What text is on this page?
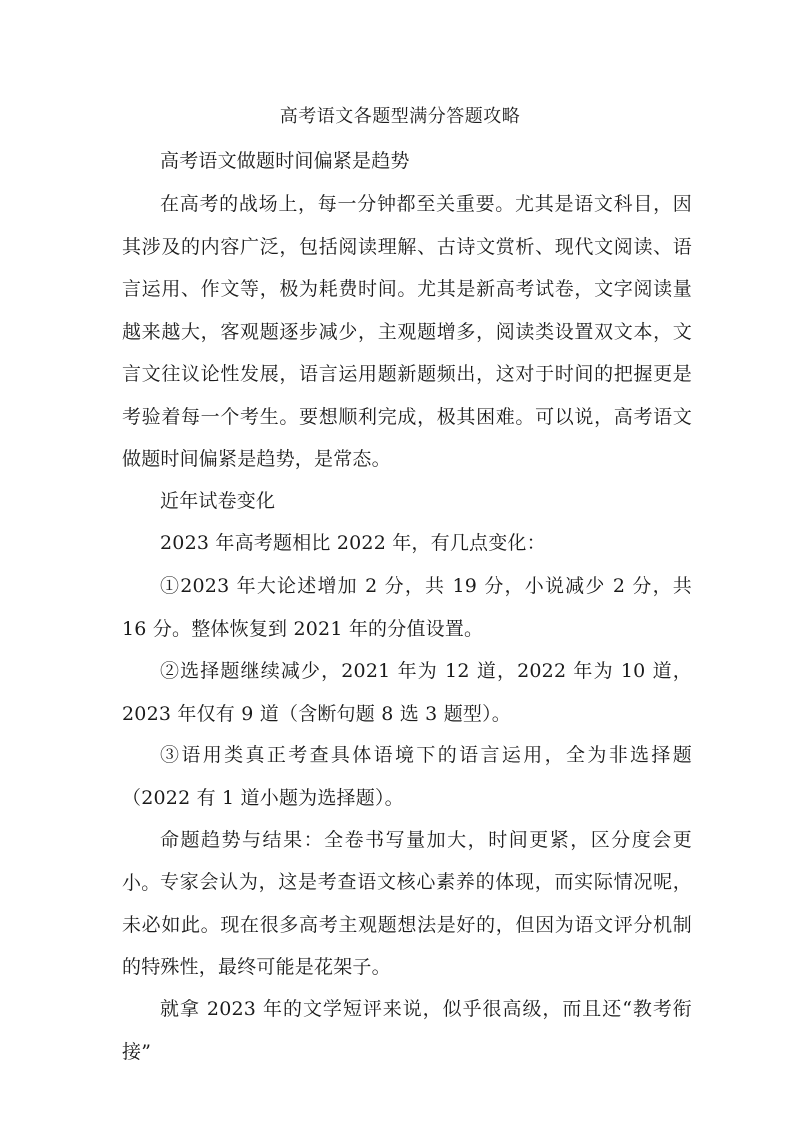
高考语文各题型满分答题攻略
高考语文做题时间偏紧是趋势
在高考的战场上，每一分钟都至关重要。尤其是语文科目，因其涉及的内容广泛，包括阅读理解、古诗文赏析、现代文阅读、语言运用、作文等，极为耗费时间。尤其是新高考试卷，文字阅读量越来越大，客观题逐步减少，主观题增多，阅读类设置双文本，文言文往议论性发展，语言运用题新题频出，这对于时间的把握更是考验着每一个考生。要想顺利完成，极其困难。可以说，高考语文做题时间偏紧是趋势，是常态。
近年试卷变化
2023 年高考题相比 2022 年，有几点变化：
①2023 年大论述增加 2 分，共 19 分，小说减少 2 分，共 16 分。整体恢复到 2021 年的分值设置。
②选择题继续减少，2021 年为 12 道，2022 年为 10 道，2023 年仅有 9 道（含断句题 8 选 3 题型）。
③语用类真正考查具体语境下的语言运用，全为非选择题（2022 有 1 道小题为选择题）。
命题趋势与结果：全卷书写量加大，时间更紧，区分度会更小。 专家会认为，这是考查语文核心素养的体现，而实际情况呢，未必如此。现在很多高考主观题想法是好的，但因为语文评分机制的特殊性，最终可能是花架子。
就拿 2023 年的文学短评来说，似乎很高级，而且还“教考衔接”
